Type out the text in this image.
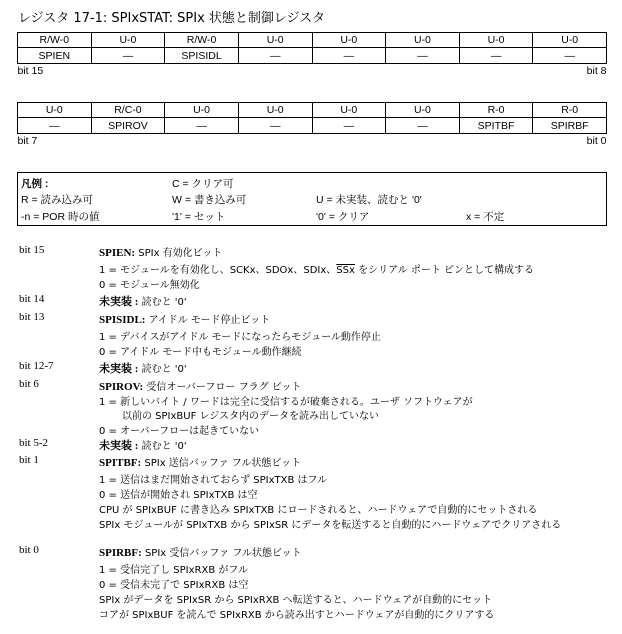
レジスタ 17-1: SPIxSTAT: SPIx 状態と制御レジスタ
R/W-0	U-0	R/W-0	U-0	U-0	U-0	U-0	U-0
SPIEN	—	SPISIDL	—	—	—	—	—
bit 15				bit 8			
U-0	R/C-0	U-0	U-0	U-0	U-0	R-0	R-0
—	SPIROV	—	—	—	—	SPITBF	SPIRBF
bit 7				bit 0			
凡例 :	C = クリア可
R = 読み込み可	W = 書き込み可	U = 未実装、読むと '0'
-n = POR 時の値	'1' = セット	'0' = クリア	x = 不定
bit 15	SPIEN: SPIx 有効化ビット
1 = モジュールを有効化し、SCKx、SDOx、SDIx、$\overline{SSx}$ をシリアル ポート ピンとして構成する
0 = モジュール無効化
bit 14	未実装 : 読むと '0'
bit 13	SPISIDL: アイドル モード停止ビット
1 = デバイスがアイドル モードになったらモジュール動作停止
0 = アイドル モード中もモジュール動作継続
bit 12-7	未実装 : 読むと '0'
bit 6	SPIROV: 受信オーバーフロー フラグ ビット
1 = 新しいバイト / ワードは完全に受信するが破棄される。ユーザ ソフトウェアが
以前の SPIxBUF レジスタ内のデータを読み出していない
0 = オーバーフローは起きていない
bit 5-2	未実装 : 読むと '0'
bit 1	SPITBF: SPIx 送信バッファ フル状態ビット
1 = 送信はまだ開始されておらず SPIxTXB はフル
0 = 送信が開始され SPIxTXB は空
CPU が SPIxBUF に書き込み SPIxTXB にロードされると、ハードウェアで自動的にセットされる
SPIx モジュールが SPIxTXB から SPIxSR にデータを転送すると自動的にハードウェアでクリアされる
bit 0	SPIRBF: SPIx 受信バッファ フル状態ビット
1 = 受信完了し SPIxRXB がフル
0 = 受信未完了で SPIxRXB は空
SPIx がデータを SPIxSR から SPIxRXB へ転送すると、ハードウェアが自動的にセット
コアが SPIxBUF を読んで SPIxRXB から読み出すとハードウェアが自動的にクリアする
